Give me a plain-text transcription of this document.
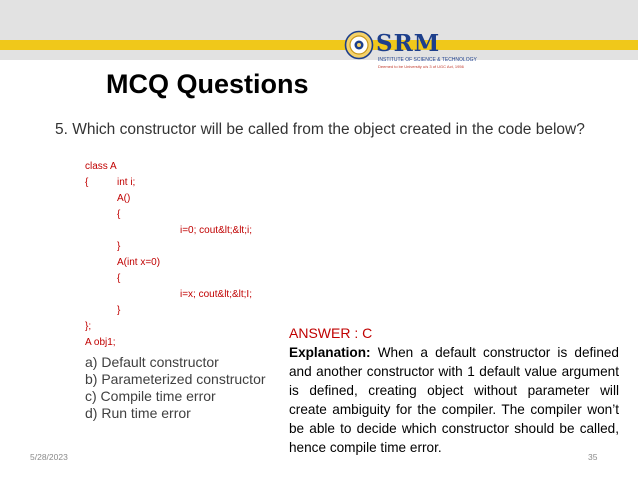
SRM
INSTITUTE OF SCIENCE & TECHNOLOGY
Deemed to be University u/s 3 of UGC Act, 1956
MCQ Questions
5. Which constructor will be called from the object created in the code below?
class A
{	int i;
A()
{
i=0; cout&lt;&lt;i;
}
A(int x=0)
{
i=x; cout&lt;&lt;I;
}
};
A obj1;
a) Default constructor
b) Parameterized constructor
c) Compile time error
d) Run time error
ANSWER : C
Explanation: When a default constructor is defined and another constructor with 1 default value argument is defined, creating object without parameter will create ambiguity for the compiler. The compiler won’t be able to decide which constructor should be called, hence compile time error.
5/28/2023	35
